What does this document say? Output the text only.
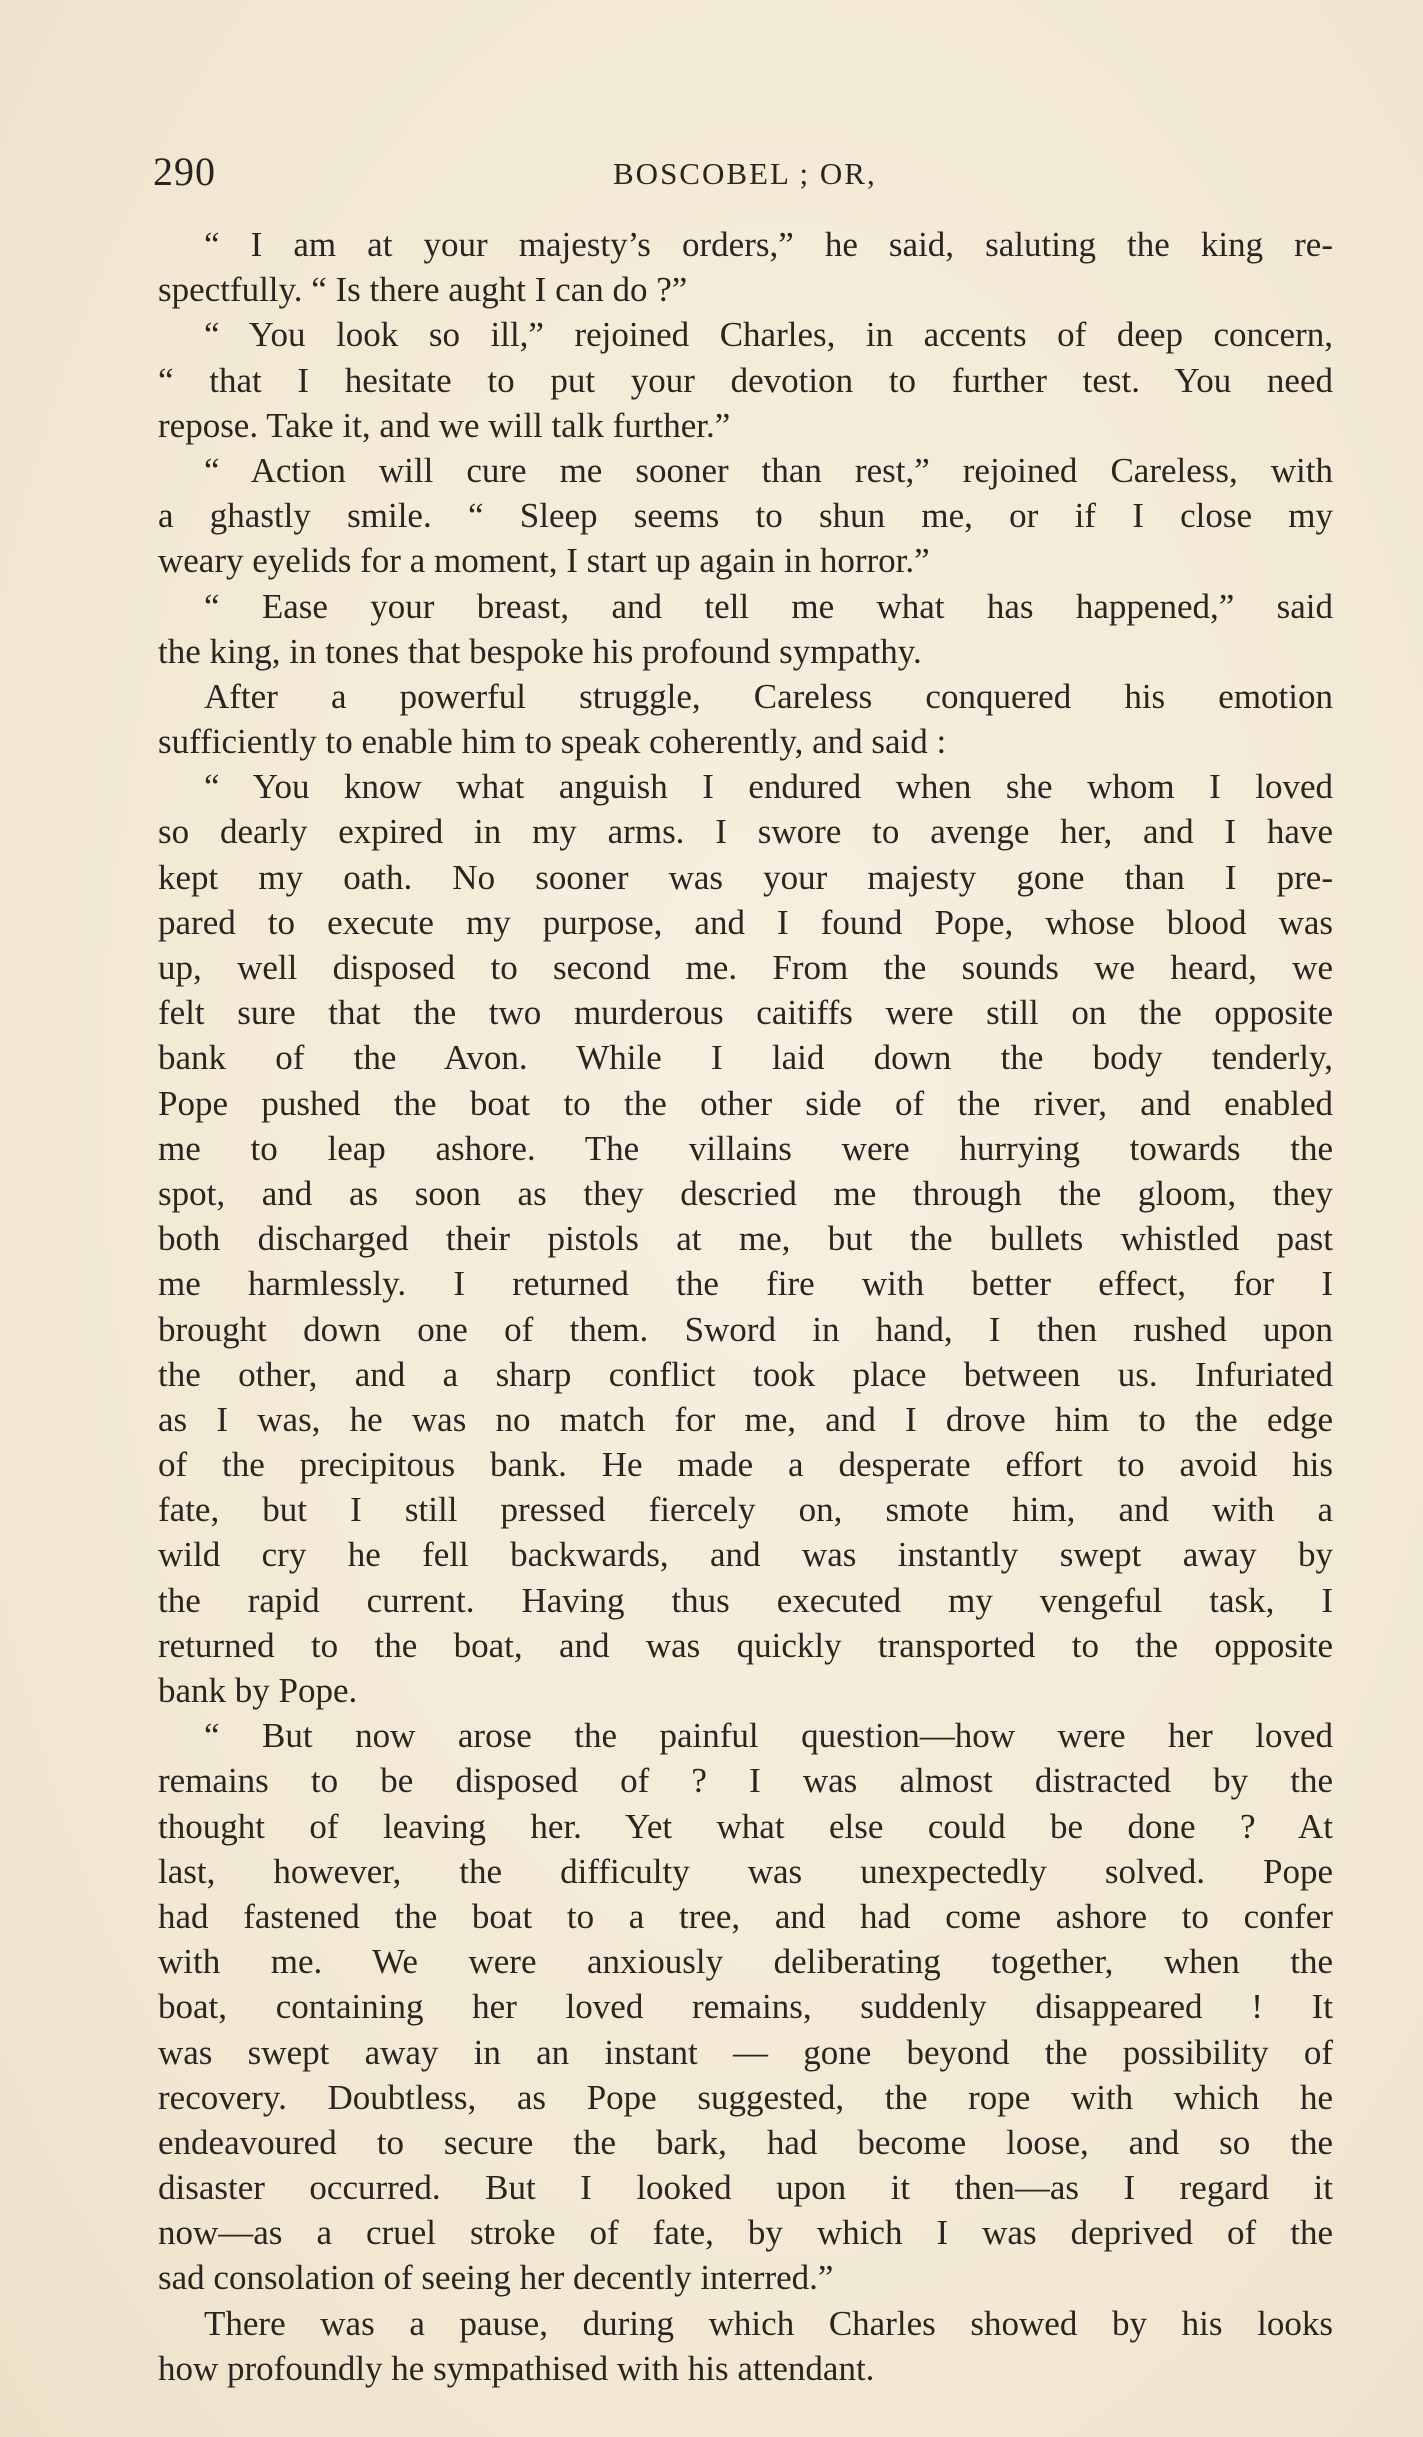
290	BOSCOBEL ; OR,
“ I am at your majesty’s orders,” he said, saluting the king re-
spectfully. “ Is there aught I can do ?”
“ You look so ill,” rejoined Charles, in accents of deep concern,
“ that I hesitate to put your devotion to further test. You need
repose. Take it, and we will talk further.”
“ Action will cure me sooner than rest,” rejoined Careless, with
a ghastly smile. “ Sleep seems to shun me, or if I close my
weary eyelids for a moment, I start up again in horror.”
“ Ease your breast, and tell me what has happened,” said
the king, in tones that bespoke his profound sympathy.
After a powerful struggle, Careless conquered his emotion
sufficiently to enable him to speak coherently, and said :
“ You know what anguish I endured when she whom I loved
so dearly expired in my arms. I swore to avenge her, and I have
kept my oath. No sooner was your majesty gone than I pre-
pared to execute my purpose, and I found Pope, whose blood was
up, well disposed to second me. From the sounds we heard, we
felt sure that the two murderous caitiffs were still on the opposite
bank of the Avon. While I laid down the body tenderly,
Pope pushed the boat to the other side of the river, and enabled
me to leap ashore. The villains were hurrying towards the
spot, and as soon as they descried me through the gloom, they
both discharged their pistols at me, but the bullets whistled past
me harmlessly. I returned the fire with better effect, for I
brought down one of them. Sword in hand, I then rushed upon
the other, and a sharp conflict took place between us. Infuriated
as I was, he was no match for me, and I drove him to the edge
of the precipitous bank. He made a desperate effort to avoid his
fate, but I still pressed fiercely on, smote him, and with a
wild cry he fell backwards, and was instantly swept away by
the rapid current. Having thus executed my vengeful task, I
returned to the boat, and was quickly transported to the opposite
bank by Pope.
“ But now arose the painful question—how were her loved
remains to be disposed of ? I was almost distracted by the
thought of leaving her. Yet what else could be done ? At
last, however, the difficulty was unexpectedly solved. Pope
had fastened the boat to a tree, and had come ashore to confer
with me. We were anxiously deliberating together, when the
boat, containing her loved remains, suddenly disappeared ! It
was swept away in an instant — gone beyond the possibility of
recovery. Doubtless, as Pope suggested, the rope with which he
endeavoured to secure the bark, had become loose, and so the
disaster occurred. But I looked upon it then—as I regard it
now—as a cruel stroke of fate, by which I was deprived of the
sad consolation of seeing her decently interred.”
There was a pause, during which Charles showed by his looks
how profoundly he sympathised with his attendant.
